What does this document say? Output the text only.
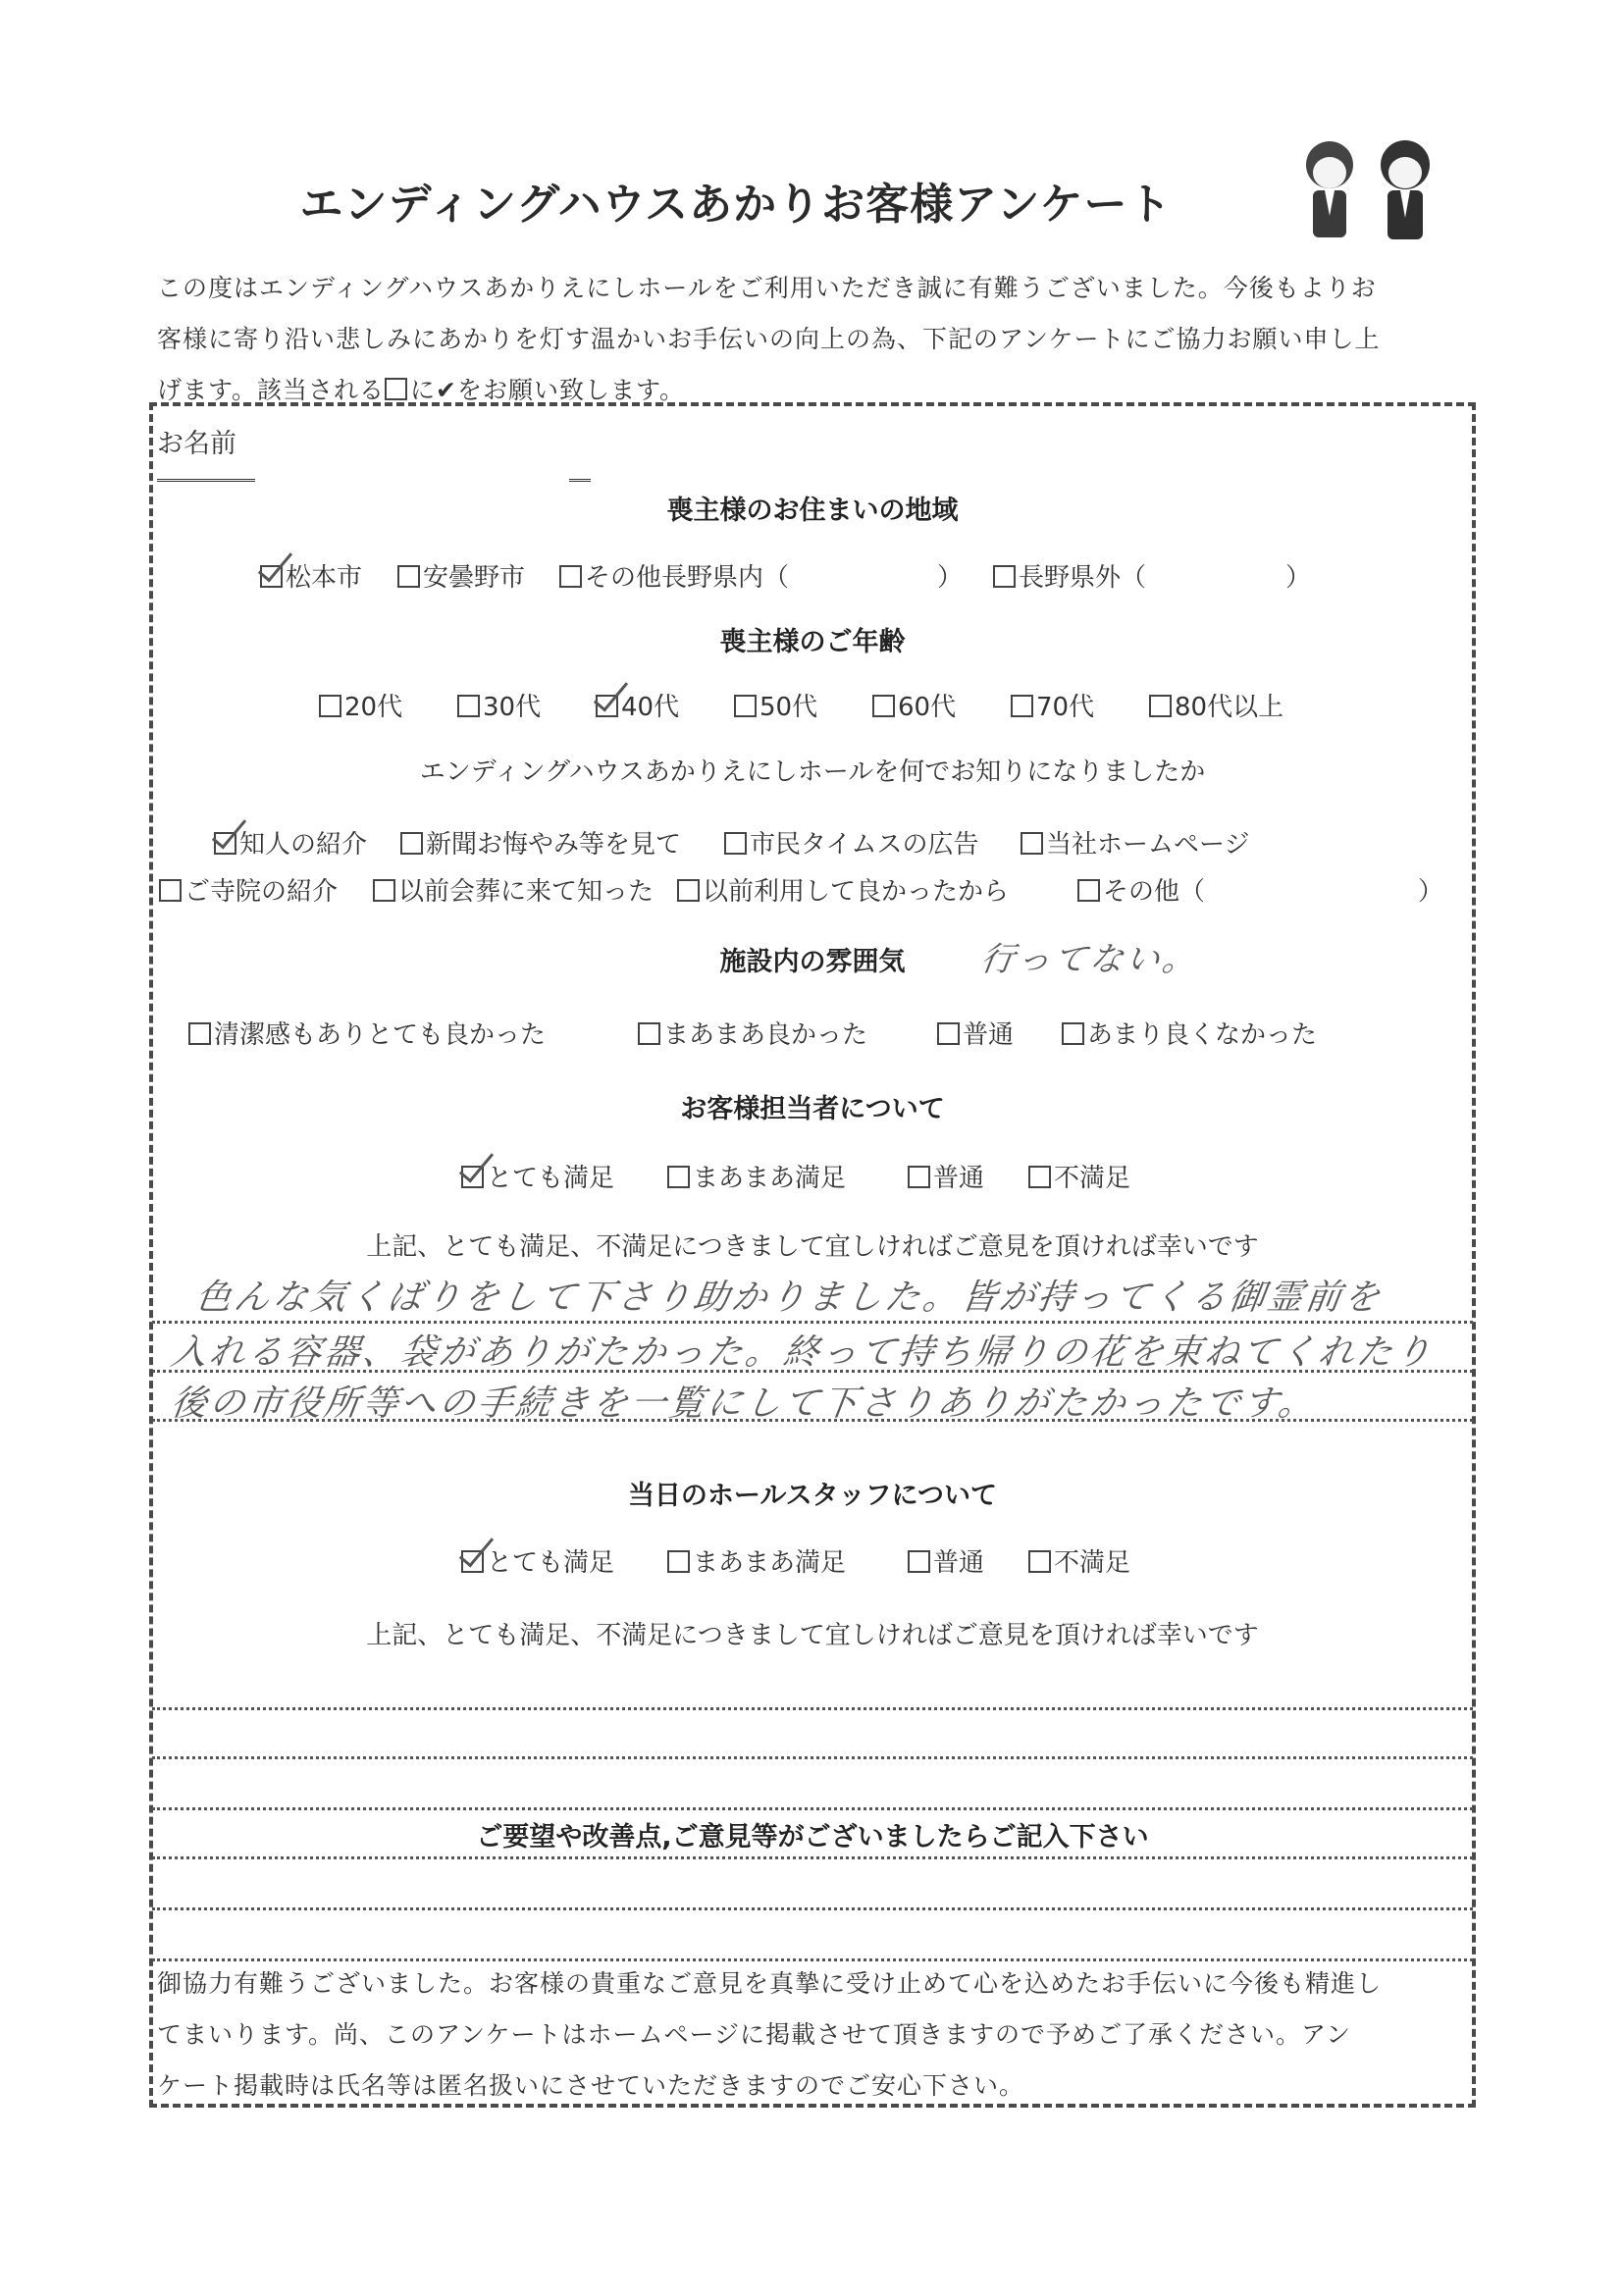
エンディングハウスあかりお客様アンケート
この度はエンディングハウスあかりえにしホールをご利用いただき誠に有難うございました。今後もよりお
客様に寄り沿い悲しみにあかりを灯す温かいお手伝いの向上の為、下記のアンケートにご協力お願い申し上
げます。該当される に✔をお願い致します。
お名前
喪主様のお住まいの地域
松本市	安曇野市	その他長野県内（	）	長野県外（	）
喪主様のご年齢
20代	30代	40代	50代	60代	70代	80代以上
エンディングハウスあかりえにしホールを何でお知りになりましたか
知人の紹介	新聞お悔やみ等を見て	市民タイムスの広告	当社ホームページ
ご寺院の紹介	以前会葬に来て知った	以前利用して良かったから	その他（	）
施設内の雰囲気	行ってない。
清潔感もありとても良かった	まあまあ良かった	普通	あまり良くなかった
お客様担当者について
とても満足	まあまあ満足	普通	不満足
上記、とても満足、不満足につきまして宜しければご意見を頂ければ幸いです
色んな気くばりをして下さり助かりました。皆が持ってくる御霊前を
入れる容器、袋がありがたかった。終って持ち帰りの花を束ねてくれたり
後の市役所等への手続きを一覧にして下さりありがたかったです。
当日のホールスタッフについて
とても満足	まあまあ満足	普通	不満足
上記、とても満足、不満足につきまして宜しければご意見を頂ければ幸いです
ご要望や改善点,ご意見等がございましたらご記入下さい
御協力有難うございました。お客様の貴重なご意見を真摯に受け止めて心を込めたお手伝いに今後も精進し
てまいります。尚、このアンケートはホームページに掲載させて頂きますので予めご了承ください。アン
ケート掲載時は氏名等は匿名扱いにさせていただきますのでご安心下さい。
